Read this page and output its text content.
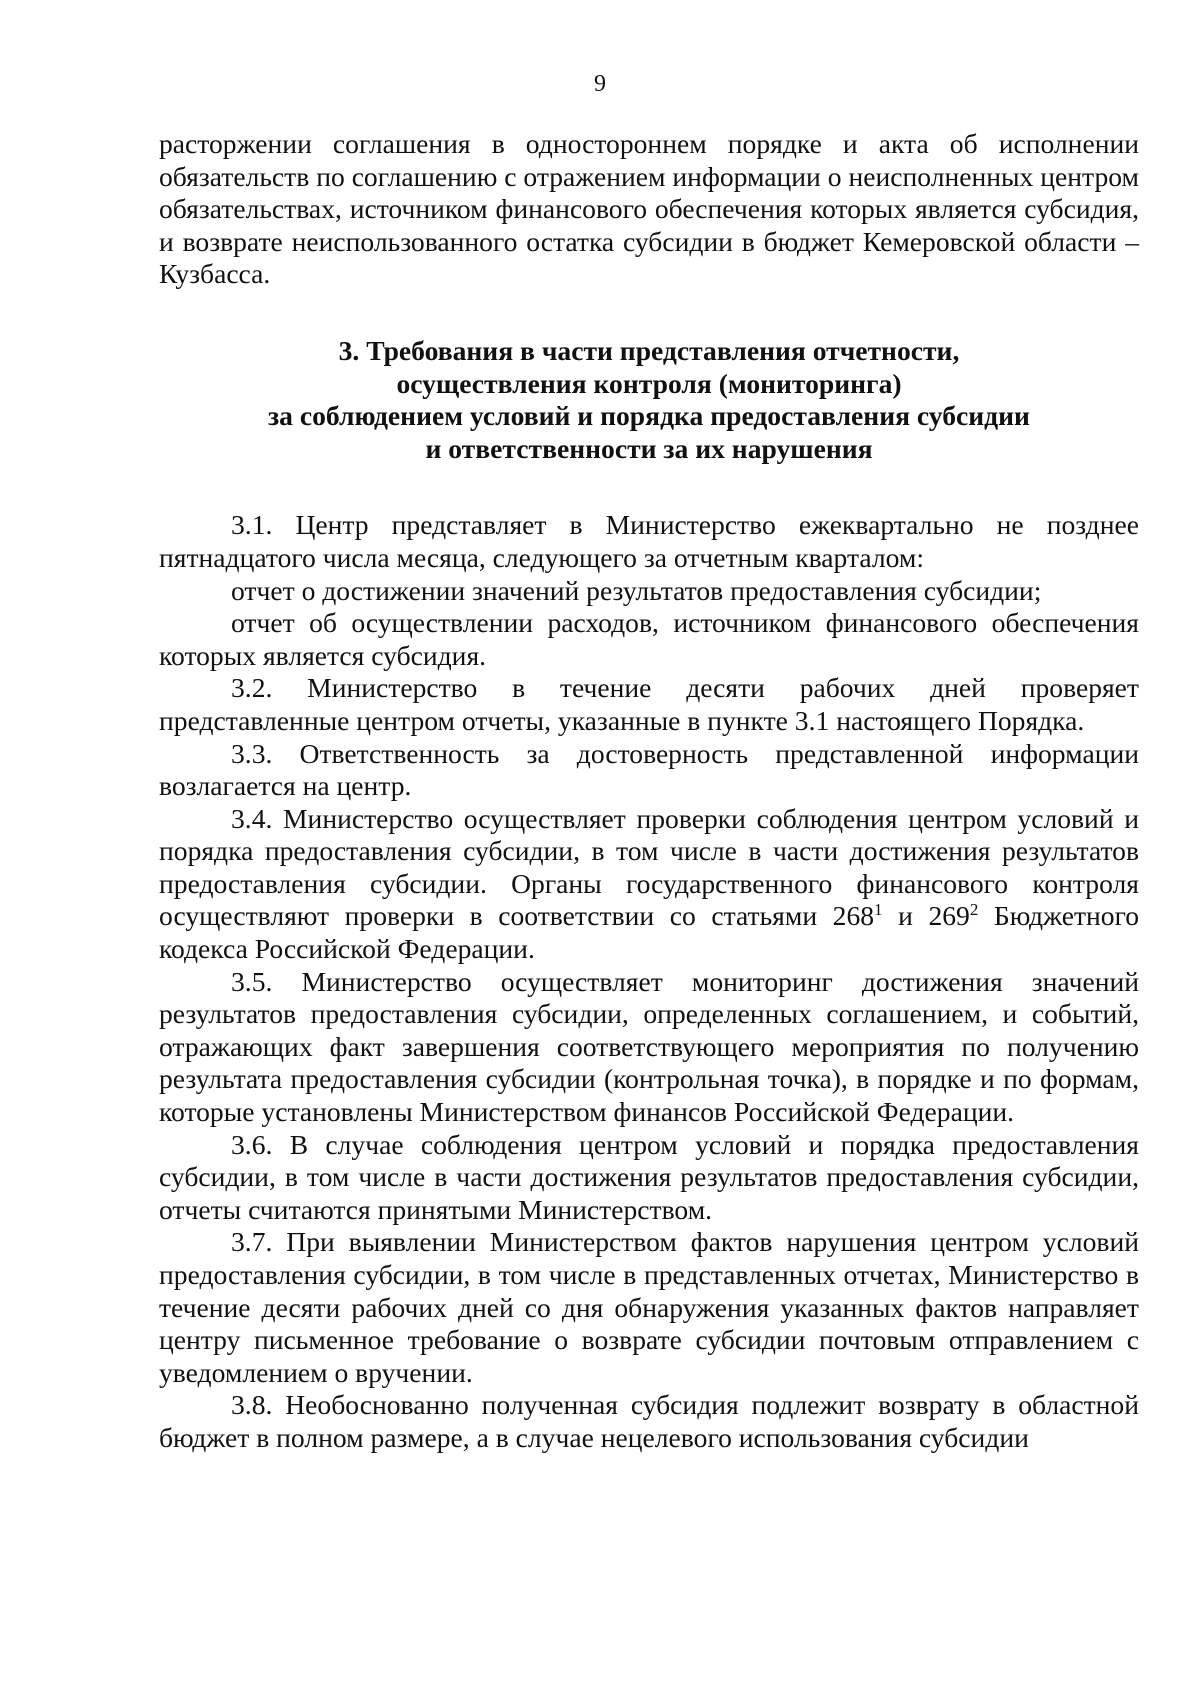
9

расторжении соглашения в одностороннем порядке и акта об исполнении обязательств по соглашению с отражением информации о неисполненных центром обязательствах, источником финансового обеспечения которых является субсидия, и возврате неиспользованного остатка субсидии в бюджет Кемеровской области – Кузбасса.

3. Требования в части представления отчетности,
осуществления контроля (мониторинга)
за соблюдением условий и порядка предоставления субсидии
и ответственности за их нарушения

3.1. Центр представляет в Министерство ежеквартально не позднее пятнадцатого числа месяца, следующего за отчетным кварталом:

отчет о достижении значений результатов предоставления субсидии;

отчет об осуществлении расходов, источником финансового обеспечения которых является субсидия.

3.2. Министерство в течение десяти рабочих дней проверяет представленные центром отчеты, указанные в пункте 3.1 настоящего Порядка.

3.3. Ответственность за достоверность представленной информации возлагается на центр.

3.4. Министерство осуществляет проверки соблюдения центром условий и порядка предоставления субсидии, в том числе в части достижения результатов предоставления субсидии. Органы государственного финансового контроля осуществляют проверки в соответствии со статьями $268^1$ и $269^2$ Бюджетного кодекса Российской Федерации.

3.5. Министерство осуществляет мониторинг достижения значений результатов предоставления субсидии, определенных соглашением, и событий, отражающих факт завершения соответствующего мероприятия по получению результата предоставления субсидии (контрольная точка), в порядке и по формам, которые установлены Министерством финансов Российской Федерации.

3.6. В случае соблюдения центром условий и порядка предоставления субсидии, в том числе в части достижения результатов предоставления субсидии, отчеты считаются принятыми Министерством.

3.7. При выявлении Министерством фактов нарушения центром условий предоставления субсидии, в том числе в представленных отчетах, Министерство в течение десяти рабочих дней со дня обнаружения указанных фактов направляет центру письменное требование о возврате субсидии почтовым отправлением с уведомлением о вручении.

3.8. Необоснованно полученная субсидия подлежит возврату в областной бюджет в полном размере, а в случае нецелевого использования субсидии
